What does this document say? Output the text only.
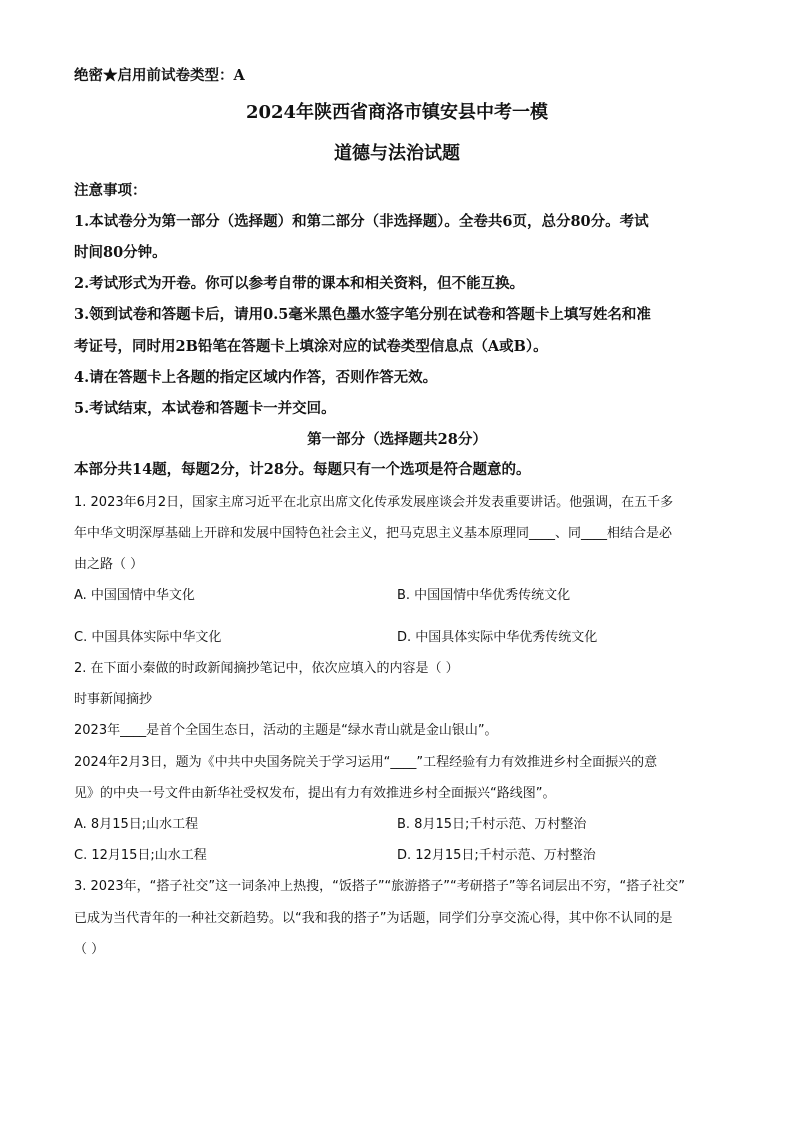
绝密★启用前试卷类型：A
2024年陕西省商洛市镇安县中考一模
道德与法治试题
注意事项：
1.本试卷分为第一部分（选择题）和第二部分（非选择题）。全卷共6页，总分80分。考试
时间80分钟。
2.考试形式为开卷。你可以参考自带的课本和相关资料，但不能互换。
3.领到试卷和答题卡后，请用0.5毫米黑色墨水签字笔分别在试卷和答题卡上填写姓名和准
考证号，同时用2B铅笔在答题卡上填涂对应的试卷类型信息点（A或B）。
4.请在答题卡上各题的指定区域内作答，否则作答无效。
5.考试结束，本试卷和答题卡一并交回。
第一部分（选择题共28分）
本部分共14题，每题2分，计28分。每题只有一个选项是符合题意的。
1. 2023年6月2日，国家主席习近平在北京出席文化传承发展座谈会并发表重要讲话。他强调，在五千多
年中华文明深厚基础上开辟和发展中国特色社会主义，把马克思主义基本原理同____、同____相结合是必
由之路（ ）
A. 中国国情中华文化	B. 中国国情中华优秀传统文化
C. 中国具体实际中华文化	D. 中国具体实际中华优秀传统文化
2. 在下面小秦做的时政新闻摘抄笔记中，依次应填入的内容是（ ）
时事新闻摘抄
2023年____是首个全国生态日，活动的主题是“绿水青山就是金山银山”。
2024年2月3日，题为《中共中央国务院关于学习运用“____”工程经验有力有效推进乡村全面振兴的意
见》的中央一号文件由新华社受权发布，提出有力有效推进乡村全面振兴“路线图”。
A. 8月15日;山水工程	B. 8月15日;千村示范、万村整治
C. 12月15日;山水工程	D. 12月15日;千村示范、万村整治
3. 2023年，“搭子社交”这一词条冲上热搜，“饭搭子”“旅游搭子”“考研搭子”等名词层出不穷，“搭子社交”
已成为当代青年的一种社交新趋势。以“我和我的搭子”为话题，同学们分享交流心得，其中你不认同的是
（ ）
